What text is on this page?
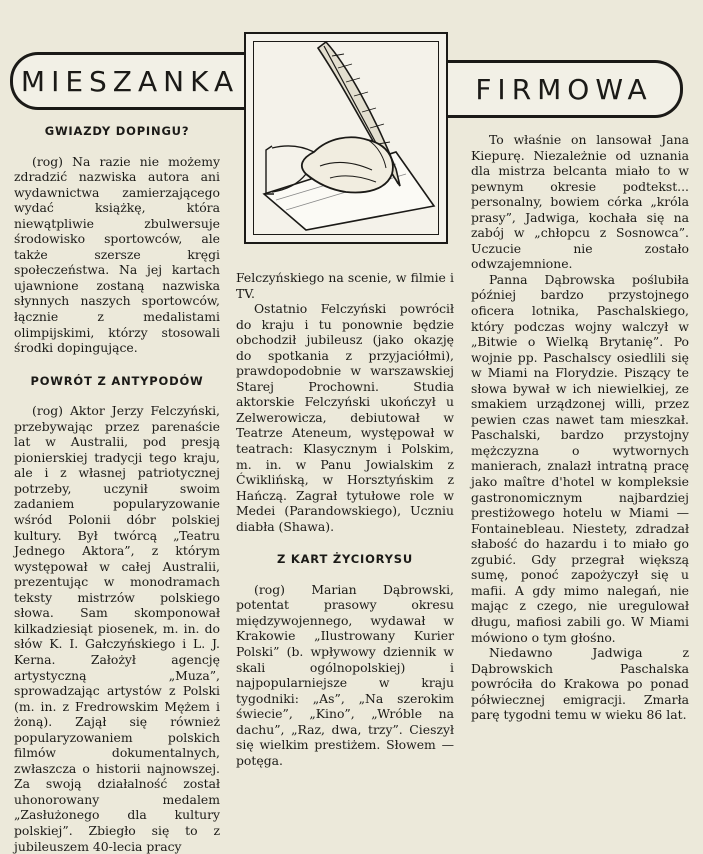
MIESZANKA	FIRMOWA
GWIAZDY DOPINGU?

(rog) Na razie nie możemy zdradzić nazwiska autora ani wydawnictwa zamierzającego wydać książkę, która niewątpliwie zbulwersuje środowisko sportowców, ale także szersze kręgi społeczeństwa. Na jej kartach ujawnione zostaną nazwiska słynnych naszych sportowców, łącznie z medalistami olimpijskimi, którzy stosowali środki dopingujące.

POWRÓT Z ANTYPODÓW

(rog) Aktor Jerzy Felczyński, przebywając przez parenaście lat w Australii, pod presją pionierskiej tradycji tego kraju, ale i z własnej patriotycznej potrzeby, uczynił swoim zadaniem popularyzowanie wśród Polonii dóbr polskiej kultury. Był twórcą „Teatru Jednego Aktora”, z którym występował w całej Australii, prezentując w monodramach teksty mistrzów polskiego słowa. Sam skomponował kilkadziesiąt piosenek, m. in. do słów K. I. Gałczyńskiego i L. J. Kerna. Założył agencję artystyczną „Muza”, sprowadzając artystów z Polski (m. in. z Fredrowskim Mężem i żoną). Zajął się również popularyzowaniem polskich filmów dokumentalnych, zwłaszcza o historii najnowszej. Za swoją działalność został uhonorowany medalem „Zasłużonego dla kultury polskiej”. Zbiegło się to z jubileuszem 40-lecia pracy

Felczyńskiego na scenie, w filmie i TV.

Ostatnio Felczyński powrócił do kraju i tu ponownie będzie obchodził jubileusz (jako okazję do spotkania z przyjaciółmi), prawdopodobnie w warszawskiej Starej Prochowni. Studia aktorskie Felczyński ukończył u Zelwerowicza, debiutował w Teatrze Ateneum, występował w teatrach: Klasycznym i Polskim, m. in. w Panu Jowialskim z Ćwiklińską, w Horsztyńskim z Hańczą. Zagrał tytułowe role w Medei (Parandowskiego), Uczniu diabła (Shawa).

Z KART ŻYCIORYSU

(rog) Marian Dąbrowski, potentat prasowy okresu międzywojennego, wydawał w Krakowie „Ilustrowany Kurier Polski” (b. wpływowy dziennik w skali ogólnopolskiej) i najpopularniejsze w kraju tygodniki: „As”, „Na szerokim świecie”, „Kino”, „Wróble na dachu”, „Raz, dwa, trzy”. Cieszył się wielkim prestiżem. Słowem — potęga.

To właśnie on lansował Jana Kiepurę. Niezależnie od uznania dla mistrza belcanta miało to w pewnym okresie podtekst... personalny, bowiem córka „króla prasy”, Jadwiga, kochała się na zabój w „chłopcu z Sosnowca”. Uczucie nie zostało odwzajemnione.

Panna Dąbrowska poślubiła później bardzo przystojnego oficera lotnika, Paschalskiego, który podczas wojny walczył w „Bitwie o Wielką Brytanię”. Po wojnie pp. Paschalscy osiedlili się w Miami na Florydzie. Piszący te słowa bywał w ich niewielkiej, ze smakiem urządzonej willi, przez pewien czas nawet tam mieszkał. Paschalski, bardzo przystojny mężczyzna o wytwornych manierach, znalazł intratną pracę jako maître d'hotel w kompleksie gastronomicznym najbardziej prestiżowego hotelu w Miami — Fontainebleau. Niestety, zdradzał słabość do hazardu i to miało go zgubić. Gdy przegrał większą sumę, ponoć zapożyczył się u mafii. A gdy mimo nalegań, nie mając z czego, nie uregulował długu, mafiosi zabili go. W Miami mówiono o tym głośno.

Niedawno Jadwiga z Dąbrowskich Paschalska powróciła do Krakowa po ponad półwiecznej emigracji. Zmarła parę tygodni temu w wieku 86 lat.
